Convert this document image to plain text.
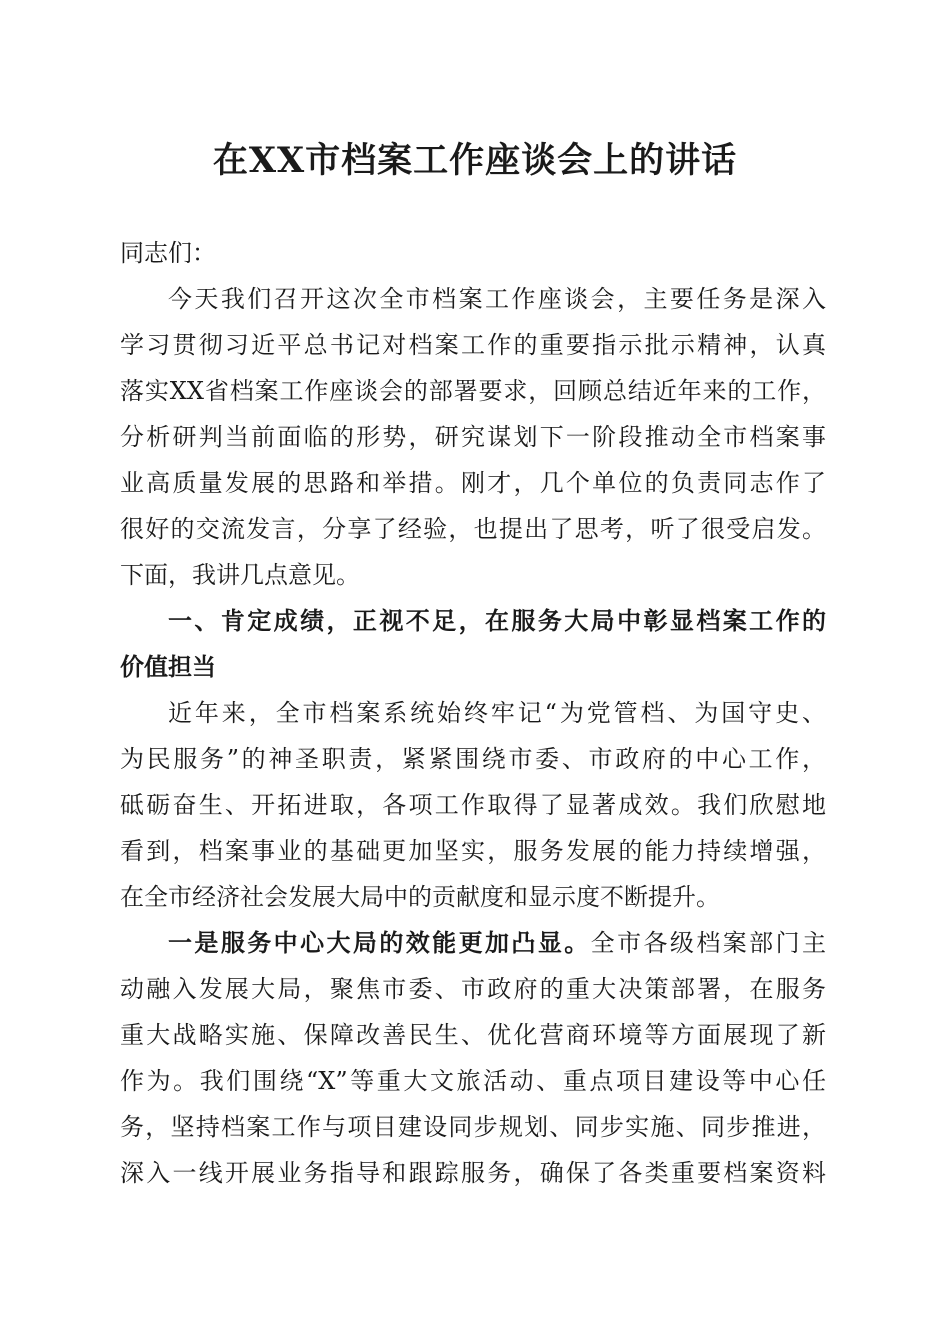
在XX市档案工作座谈会上的讲话
同志们：
今天我们召开这次全市档案工作座谈会，主要任务是深入
学习贯彻习近平总书记对档案工作的重要指示批示精神，认真
落实XX省档案工作座谈会的部署要求，回顾总结近年来的工作，
分析研判当前面临的形势，研究谋划下一阶段推动全市档案事
业高质量发展的思路和举措。刚才，几个单位的负责同志作了
很好的交流发言，分享了经验，也提出了思考，听了很受启发。
下面，我讲几点意见。
一、肯定成绩，正视不足，在服务大局中彰显档案工作的
价值担当
近年来，全市档案系统始终牢记“为党管档、为国守史、
为民服务”的神圣职责，紧紧围绕市委、市政府的中心工作，
砥砺奋生、开拓进取，各项工作取得了显著成效。我们欣慰地
看到，档案事业的基础更加坚实，服务发展的能力持续增强，
在全市经济社会发展大局中的贡献度和显示度不断提升。
一是服务中心大局的效能更加凸显。全市各级档案部门主
动融入发展大局，聚焦市委、市政府的重大决策部署，在服务
重大战略实施、保障改善民生、优化营商环境等方面展现了新
作为。我们围绕“X”等重大文旅活动、重点项目建设等中心任
务，坚持档案工作与项目建设同步规划、同步实施、同步推进，
深入一线开展业务指导和跟踪服务，确保了各类重要档案资料
